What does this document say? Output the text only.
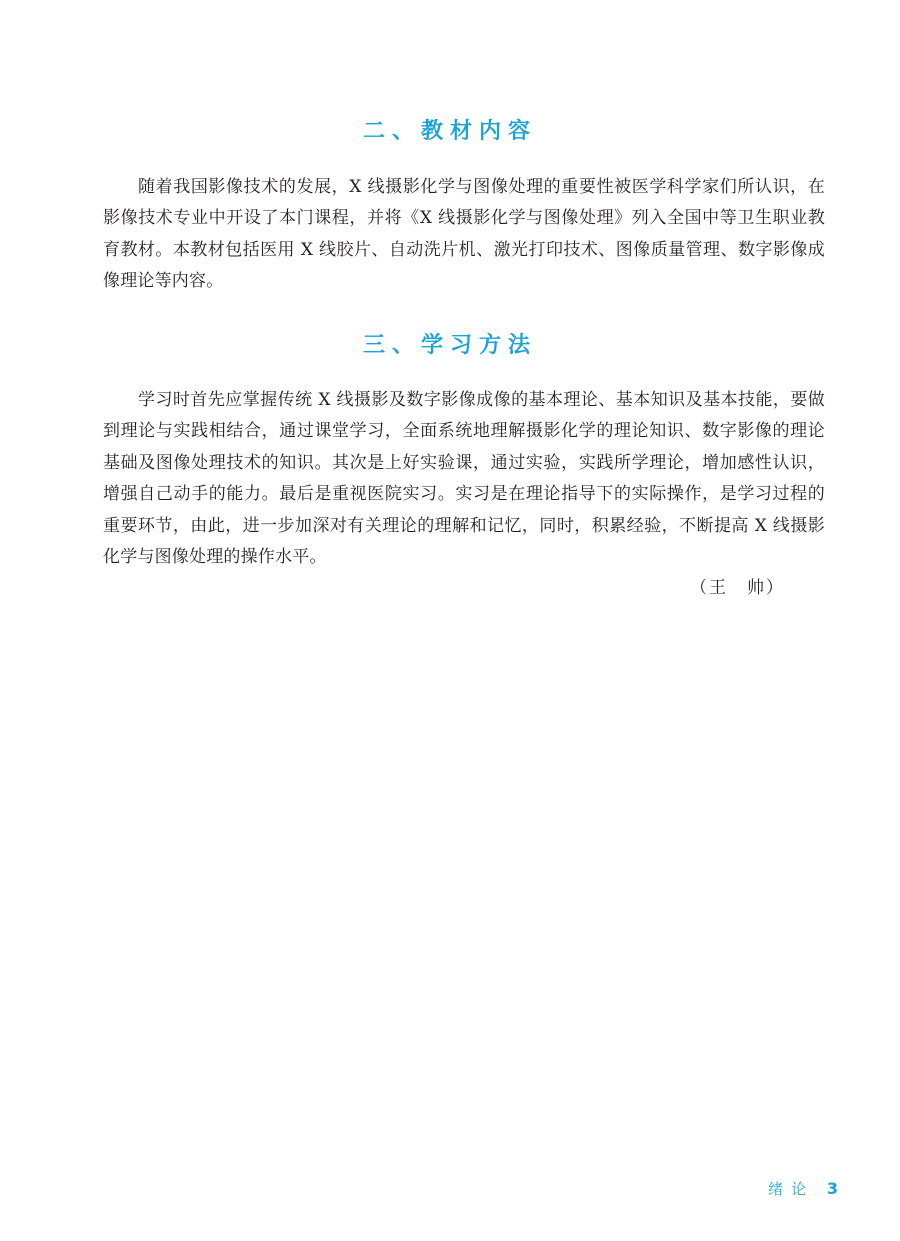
二、教材内容

随着我国影像技术的发展，X 线摄影化学与图像处理的重要性被医学科学家们所认识，在影像技术专业中开设了本门课程，并将《X 线摄影化学与图像处理》列入全国中等卫生职业教育教材。本教材包括医用 X 线胶片、自动洗片机、激光打印技术、图像质量管理、数字影像成像理论等内容。

三、学习方法

学习时首先应掌握传统 X 线摄影及数字影像成像的基本理论、基本知识及基本技能，要做到理论与实践相结合，通过课堂学习，全面系统地理解摄影化学的理论知识、数字影像的理论基础及图像处理技术的知识。其次是上好实验课，通过实验，实践所学理论，增加感性认识，增强自己动手的能力。最后是重视医院实习。实习是在理论指导下的实际操作，是学习过程的重要环节，由此，进一步加深对有关理论的理解和记忆，同时，积累经验，不断提高 X 线摄影化学与图像处理的操作水平。

（王　帅）

绪论 3
